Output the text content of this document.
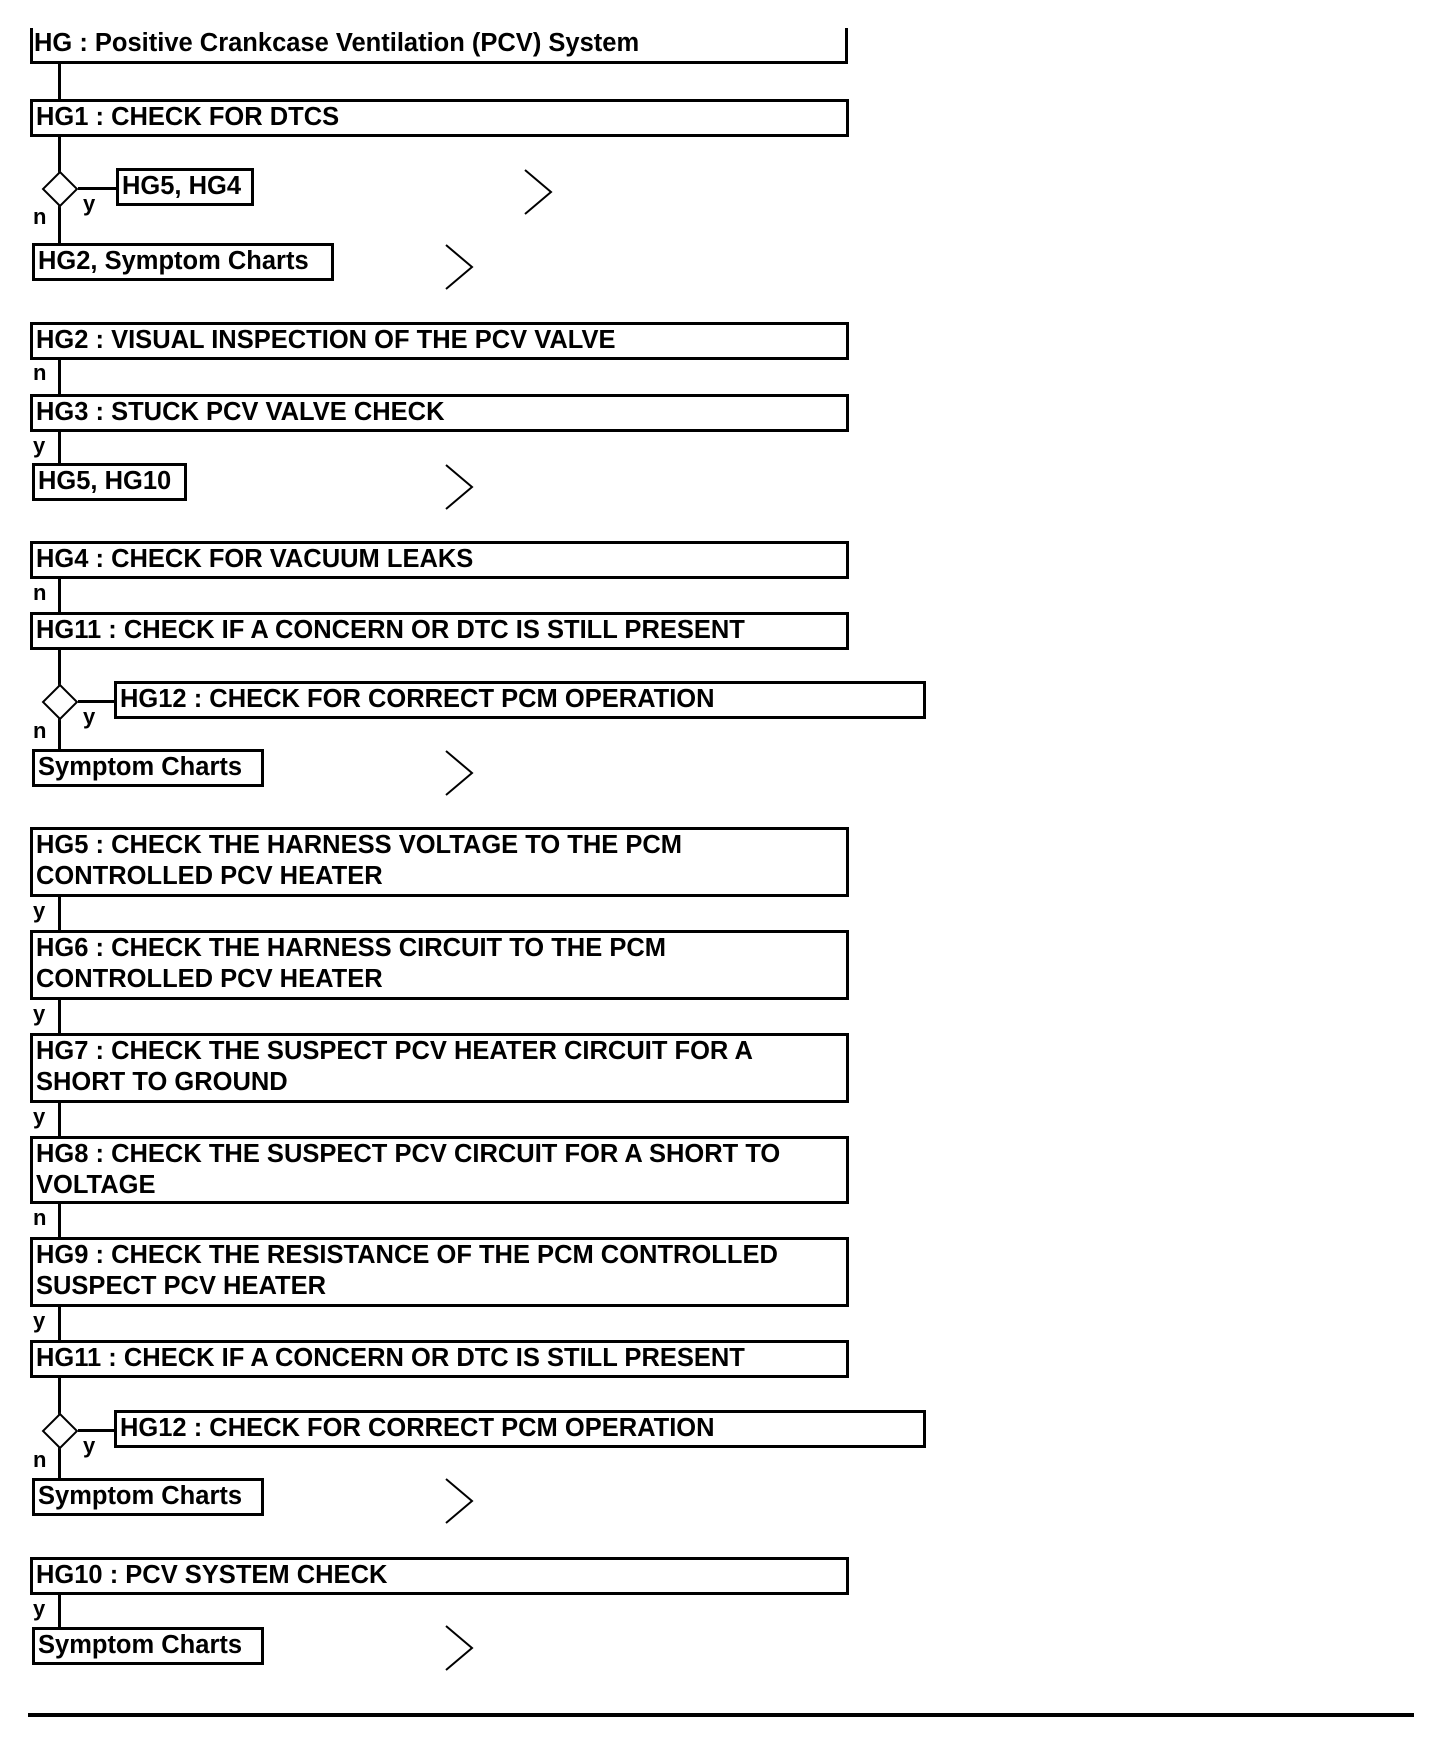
HG : Positive Crankcase Ventilation (PCV) System
HG1 : CHECK FOR DTCS
y
n
HG5, HG4
HG2, Symptom Charts
HG2 : VISUAL INSPECTION OF THE PCV VALVE
n
HG3 : STUCK PCV VALVE CHECK
y
HG5, HG10
HG4 : CHECK FOR VACUUM LEAKS
n
HG11 : CHECK IF A CONCERN OR DTC IS STILL PRESENT
y
n
HG12 : CHECK FOR CORRECT PCM OPERATION
Symptom Charts
HG5 : CHECK THE HARNESS VOLTAGE TO THE PCM CONTROLLED PCV HEATER
y
HG6 : CHECK THE HARNESS CIRCUIT TO THE PCM CONTROLLED PCV HEATER
y
HG7 : CHECK THE SUSPECT PCV HEATER CIRCUIT FOR A SHORT TO GROUND
y
HG8 : CHECK THE SUSPECT PCV CIRCUIT FOR A SHORT TO VOLTAGE
n
HG9 : CHECK THE RESISTANCE OF THE PCM CONTROLLED SUSPECT PCV HEATER
y
HG11 : CHECK IF A CONCERN OR DTC IS STILL PRESENT
y
n
HG12 : CHECK FOR CORRECT PCM OPERATION
Symptom Charts
HG10 : PCV SYSTEM CHECK
y
Symptom Charts
